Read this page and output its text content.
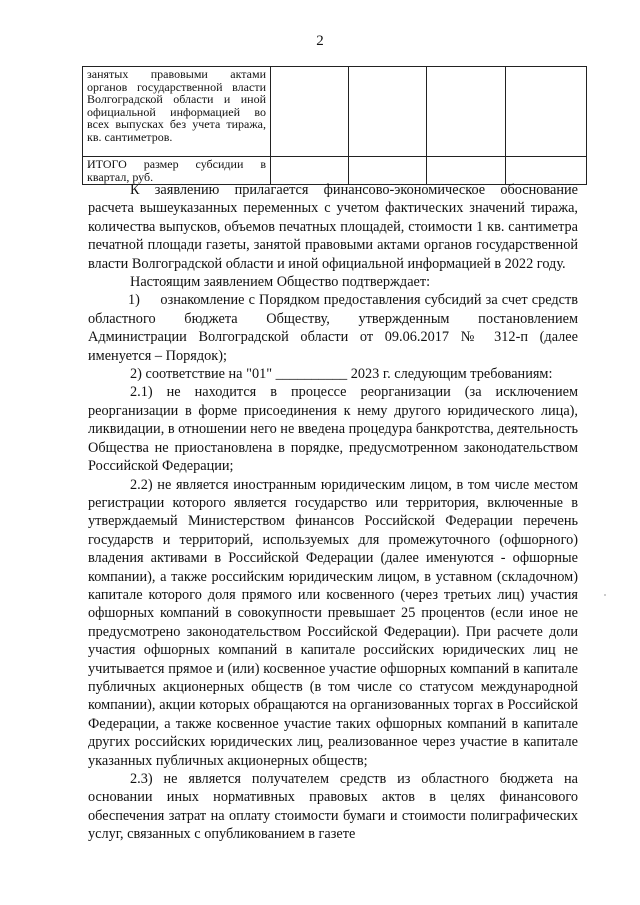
2
занятых правовыми актами органов государственной власти Волгоградской области и иной официальной информацией во всех выпусках без учета тиража, кв. сантиметров.				
ИТОГО размер субсидии в квартал, руб.				

К заявлению прилагается финансово-экономическое обоснование расчета вышеуказанных переменных с учетом фактических значений тиража, количества выпусков, объемов печатных площадей, стоимости 1 кв. сантиметра печатной площади газеты, занятой правовыми актами органов государственной власти Волгоградской области и иной официальной информацией в 2022 году.

Настоящим заявлением Общество подтверждает:

1)     ознакомление с Порядком предоставления субсидий за счет средств областного бюджета Обществу, утвержденным постановлением Администрации Волгоградской области от 09.06.2017 № 312-п (далее именуется – Порядок);

2) соответствие на "01" __________ 2023 г. следующим требованиям:

2.1) не находится в процессе реорганизации (за исключением реорганизации в форме присоединения к нему другого юридического лица), ликвидации, в отношении него не введена процедура банкротства, деятельность Общества не приостановлена в порядке, предусмотренном законодательством Российской Федерации;

2.2) не является иностранным юридическим лицом, в том числе местом регистрации которого является государство или территория, включенные в утверждаемый Министерством финансов Российской Федерации перечень государств и территорий, используемых для промежуточного (офшорного) владения активами в Российской Федерации (далее именуются - офшорные компании), а также российским юридическим лицом, в уставном (складочном) капитале которого доля прямого или косвенного (через третьих лиц) участия офшорных компаний в совокупности превышает 25 процентов (если иное не предусмотрено законодательством Российской Федерации). При расчете доли участия офшорных компаний в капитале российских юридических лиц не учитывается прямое и (или) косвенное участие офшорных компаний в капитале публичных акционерных обществ (в том числе со статусом международной компании), акции которых обращаются на организованных торгах в Российской Федерации, а также косвенное участие таких офшорных компаний в капитале других российских юридических лиц, реализованное через участие в капитале указанных публичных акционерных обществ;

2.3) не является получателем средств из областного бюджета на основании иных нормативных правовых актов в целях финансового обеспечения затрат на оплату стоимости бумаги и стоимости полиграфических услуг, связанных с опубликованием в газете
